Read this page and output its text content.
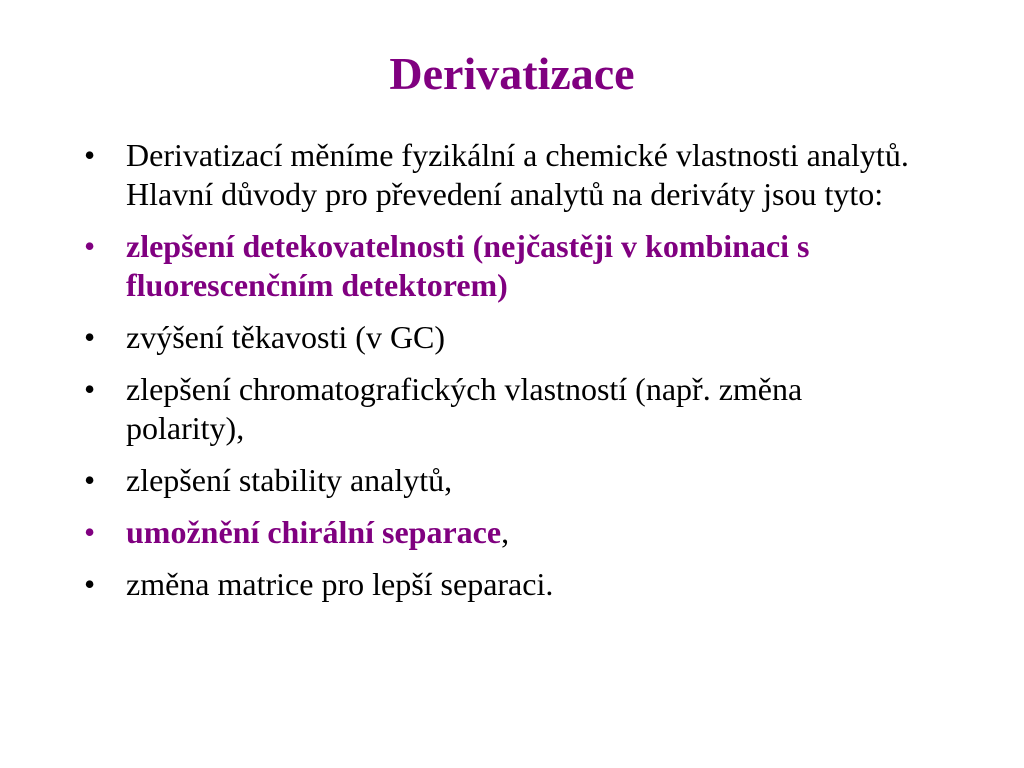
Derivatizace
• Derivatizací měníme fyzikální a chemické vlastnosti analytů. Hlavní důvody pro převedení analytů na deriváty jsou tyto:
• zlepšení detekovatelnosti (nejčastěji v kombinaci s fluorescenčním detektorem)
• zvýšení těkavosti (v GC)
• zlepšení chromatografických vlastností (např. změna polarity),
• zlepšení stability analytů,
• umožnění chirální separace,
• změna matrice pro lepší separaci.
